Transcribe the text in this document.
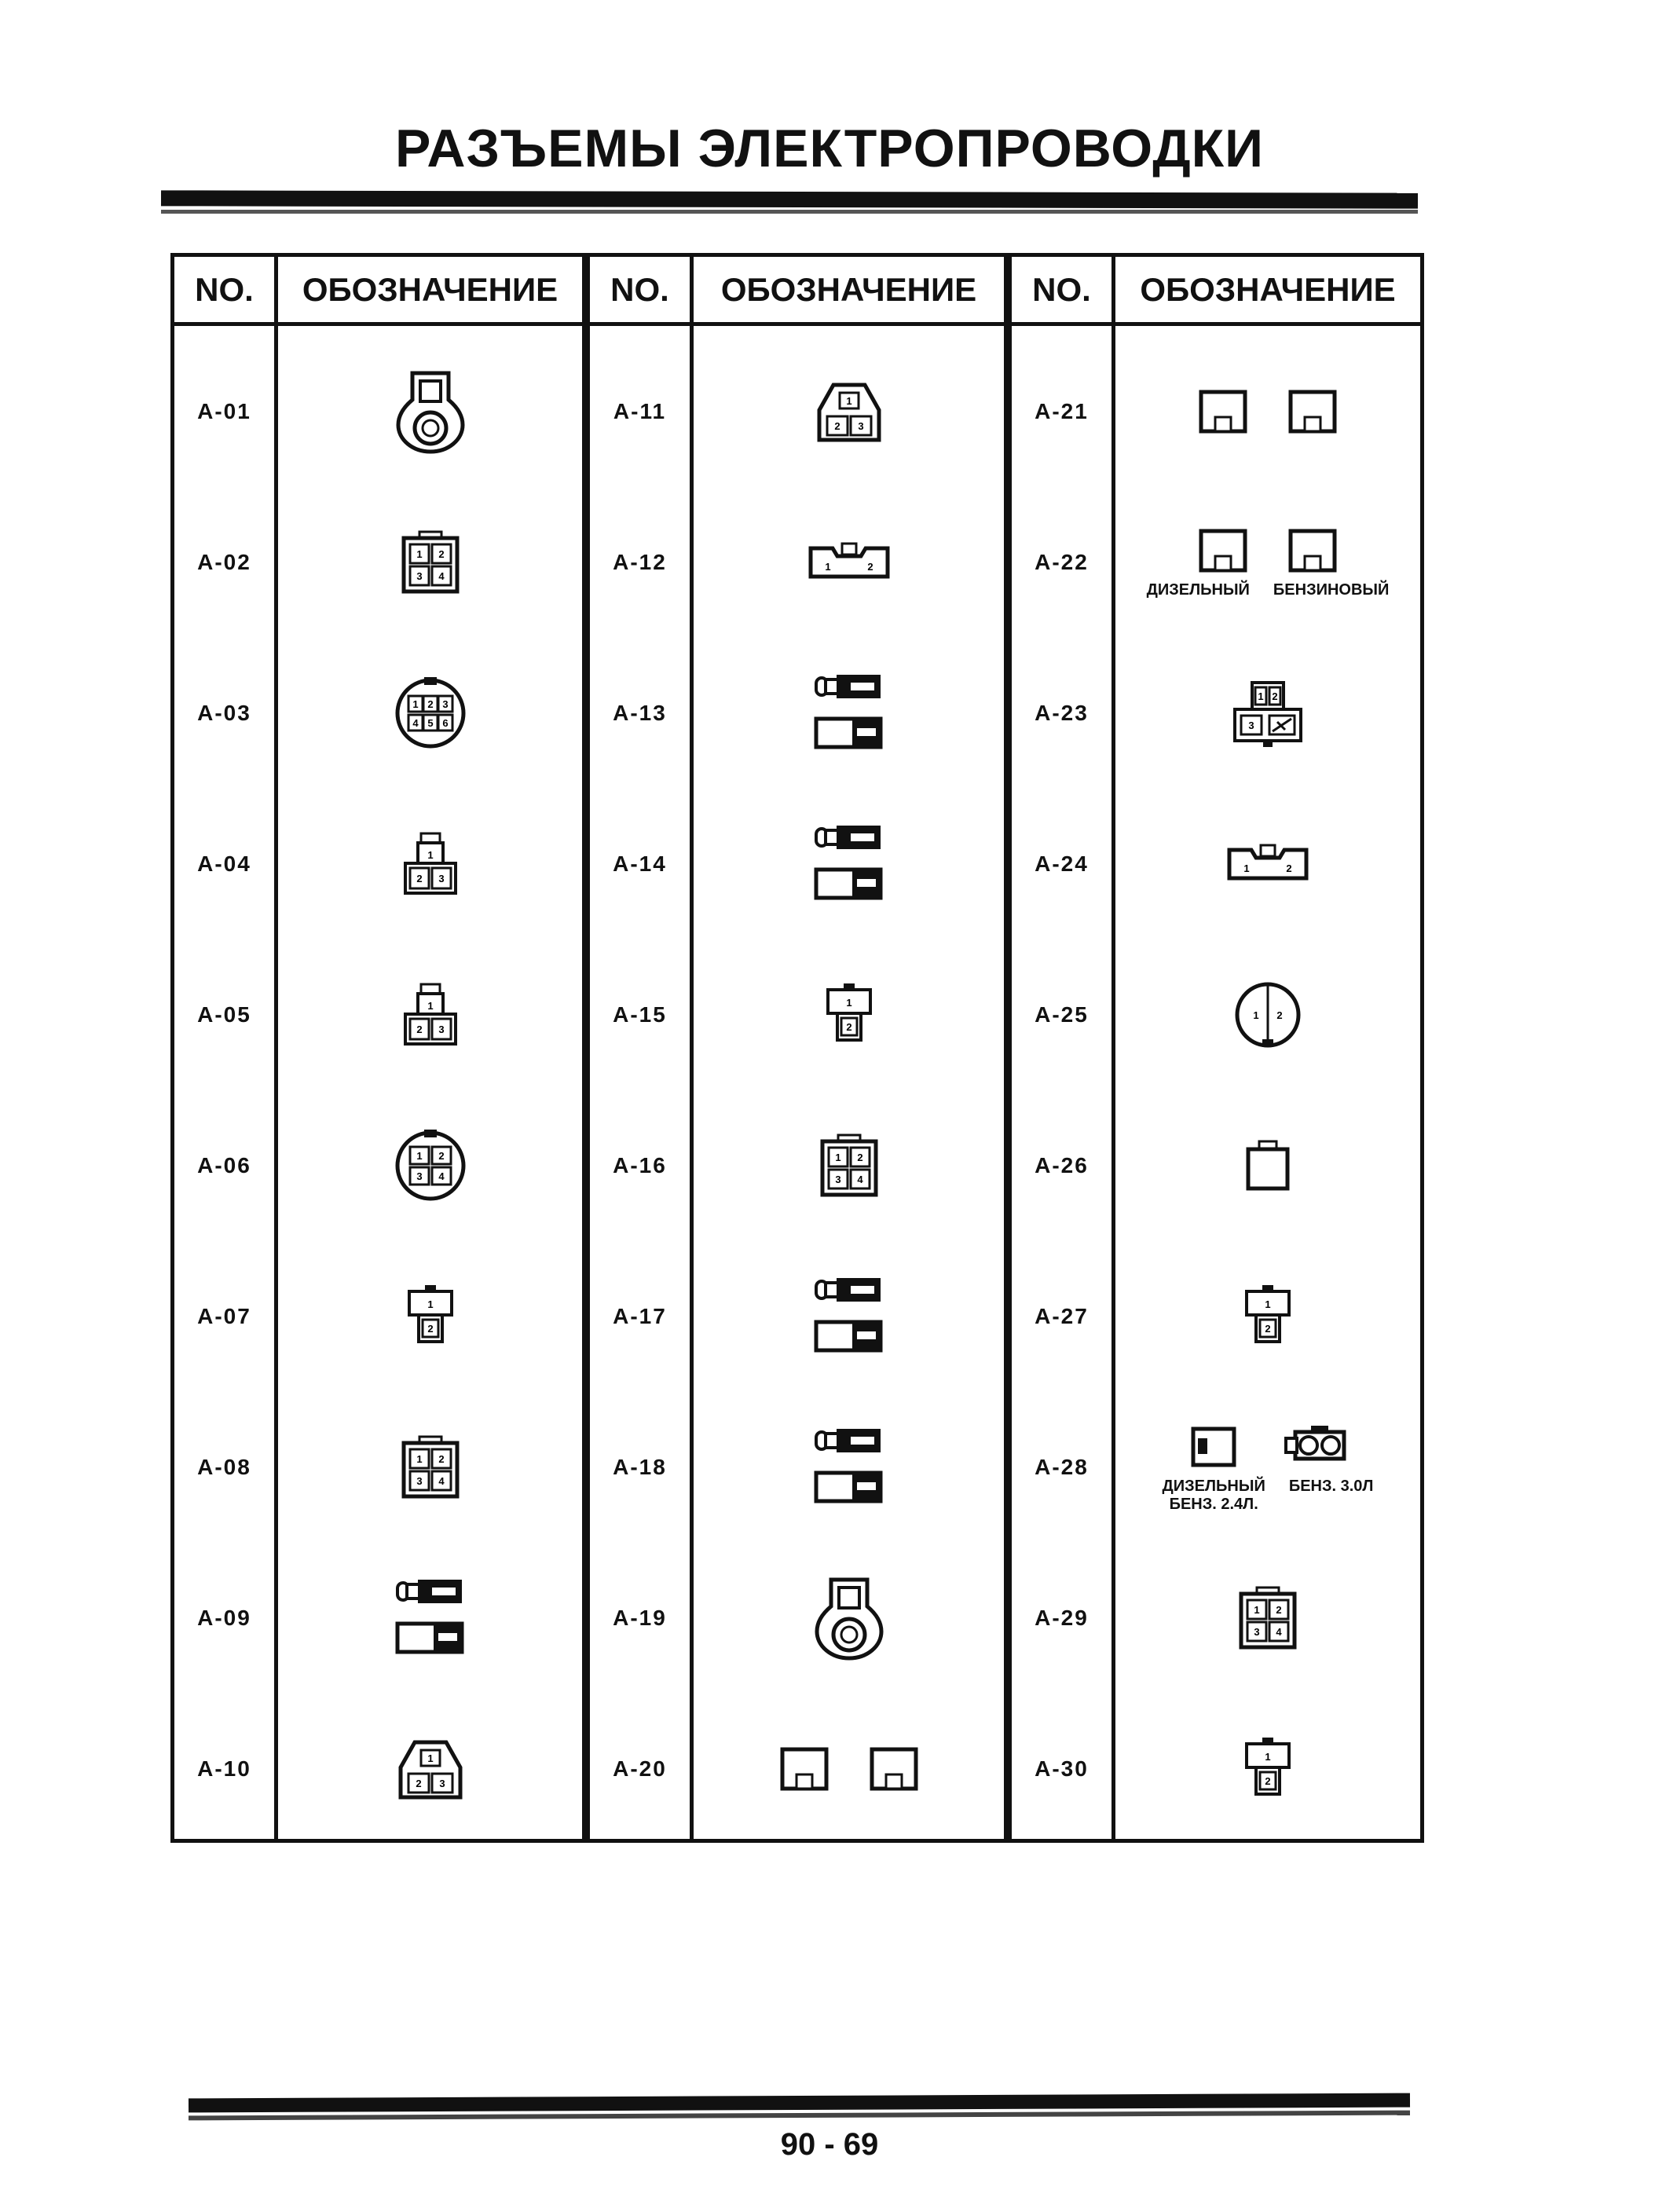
РАЗЪЕМЫ ЭЛЕКТРОПРОВОДКИ
NO.	ОБОЗНАЧЕНИЕ
A-01
A-02	1 2
3 4
A-03	1 2 3
4 5 6
A-04	1
2 3
A-05	1
2 3
A-06	1 2
3 4
A-07	1
2
A-08	1 2
3 4
A-09
A-10	1
2 3
NO.	ОБОЗНАЧЕНИЕ
A-11	1
2 3
A-12	1	2
A-13
A-14
A-15	1
2
A-16	1 2
3 4
A-17
A-18
A-19
A-20
NO.	ОБОЗНАЧЕНИЕ
A-21
A-22
ДИЗЕЛЬНЫЙ БЕНЗИНОВЫЙ
A-23
1 2
3
A-24	1	2
A-25	1 2
A-26
A-27	1
2
A-28
ДИЗЕЛЬНЫЙ
БЕНЗ. 2.4Л.
БЕНЗ. 3.0Л
A-29	1 2
3 4
A-30	1
2
90 - 69
